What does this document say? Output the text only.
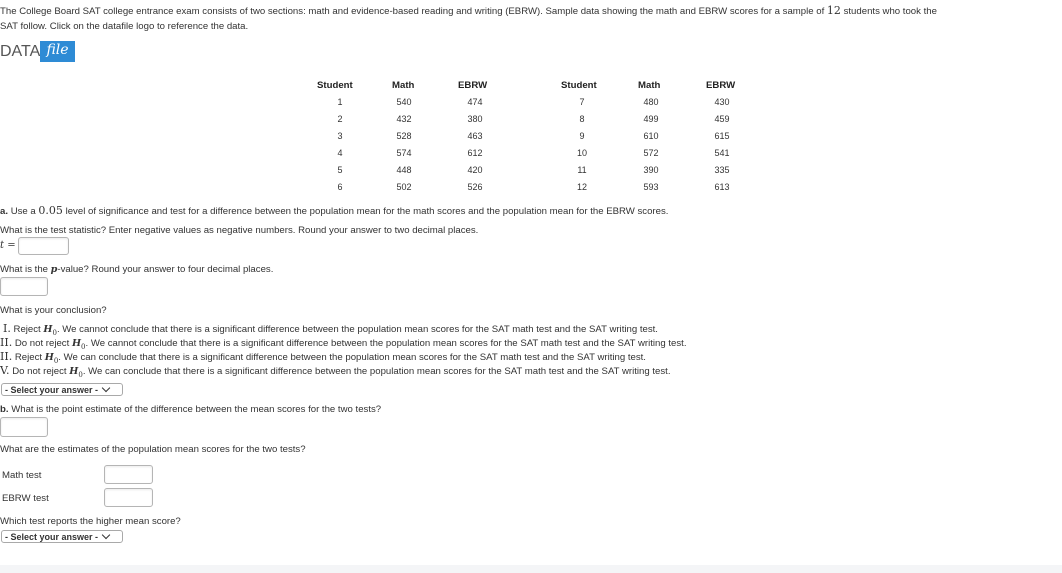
The College Board SAT college entrance exam consists of two sections: math and evidence-based reading and writing (EBRW). Sample data showing the math and EBRW scores for a sample of 12 students who took the
SAT follow. Click on the datafile logo to reference the data.
DATA file
Student	Math	EBRW	Student	Math	EBRW
1	540	474	7	480	430
2	432	380	8	499	459
3	528	463	9	610	615
4	574	612	10	572	541
5	448	420	11	390	335
6	502	526	12	593	613
a. Use a 0.05 level of significance and test for a difference between the population mean for the math scores and the population mean for the EBRW scores.
What is the test statistic? Enter negative values as negative numbers. Round your answer to two decimal places.
t =
What is the p-value? Round your answer to four decimal places.
What is your conclusion?
I. Reject $H_0$. We cannot conclude that there is a significant difference between the population mean scores for the SAT math test and the SAT writing test.
II. Do not reject $H_0$. We cannot conclude that there is a significant difference between the population mean scores for the SAT math test and the SAT writing test.
II. Reject $H_0$. We can conclude that there is a significant difference between the population mean scores for the SAT math test and the SAT writing test.
V. Do not reject $H_0$. We can conclude that there is a significant difference between the population mean scores for the SAT math test and the SAT writing test.
- Select your answer -
b. What is the point estimate of the difference between the mean scores for the two tests?
What are the estimates of the population mean scores for the two tests?
Math test
EBRW test
Which test reports the higher mean score?
- Select your answer -
